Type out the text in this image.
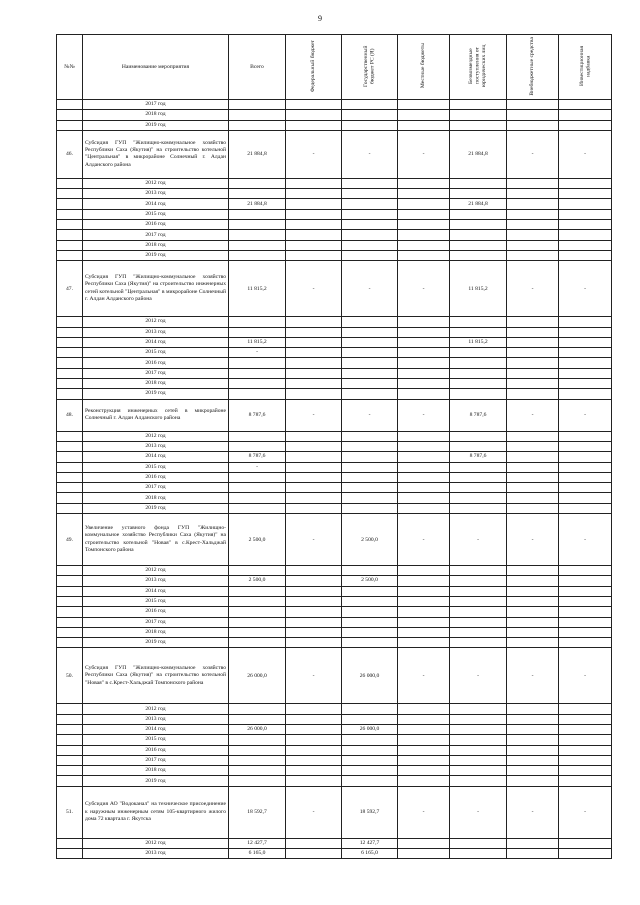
9
№№	Наименование мероприятия	Всего	Федеральный бюджет	Государственный бюджет РС (Я)	Местные бюджеты	Безвозмездные поступления от юридических лиц	Внебюджетные средства	Инвестиционная надбавка
	2017 год							
	2018 год							
	2019 год							
46.	Субсидия ГУП "Жилищно-коммунальное хозяйство Республики Саха (Якутия)" на строительство котельной "Центральная" в микрорайоне Солнечный г. Алдан Алданского района	21 884,8	-	-	-	21 884,8	-	-
	2012 год							
	2013 год							
	2014 год	21 884,8				21 884,8		
	2015 год							
	2016 год							
	2017 год							
	2018 год							
	2019 год							
47.	Субсидия ГУП "Жилищно-коммунальное хозяйство Республики Саха (Якутия)" на строительство инженерных сетей котельной "Центральная" в микрорайоне Солнечный г. Алдан Алданского района	11 815,2	-	-	-	11 815,2	-	-
	2012 год							
	2013 год							
	2014 год	11 815,2				11 815,2		
	2015 год	-						
	2016 год							
	2017 год							
	2018 год							
	2019 год							
48.	Реконструкция инженерных сетей в микрорайоне Солнечный г. Алдан Алданского района	8 787,6	-	-	-	8 787,6	-	-
	2012 год							
	2013 год							
	2014 год	8 787,6				8 787,6		
	2015 год	-						
	2016 год							
	2017 год							
	2018 год							
	2019 год							
49.	Увеличение уставного фонда ГУП "Жилищно-коммунальное хозяйство Республики Саха (Якутия)" на строительство котельной "Новая" в с.Крест-Хальджай Томпонского района	2 500,0	-	2 500,0	-	-	-	-
	2012 год							
	2013 год	2 500,0		2 500,0				
	2014 год							
	2015 год							
	2016 год							
	2017 год							
	2018 год							
	2019 год							
50.	Субсидия ГУП "Жилищно-коммунальное хозяйство Республики Саха (Якутия)" на строительство котельной "Новая" в с.Крест-Хальджай Томпонского района	26 000,0	-	26 000,0	-	-	-	-
	2012 год							
	2013 год							
	2014 год	26 000,0		26 000,0				
	2015 год							
	2016 год							
	2017 год							
	2018 год							
	2019 год							
51.	Субсидия АО "Водоканал" на техническое присоединение к наружным инженерным сетям 105-квартирного жилого дома 72 квартала г. Якутска	18 592,7	-	18 592,7	-	-	-	-
	2012 год	12 427,7		12 427,7				
	2013 год	6 165,0		6 165,0				
